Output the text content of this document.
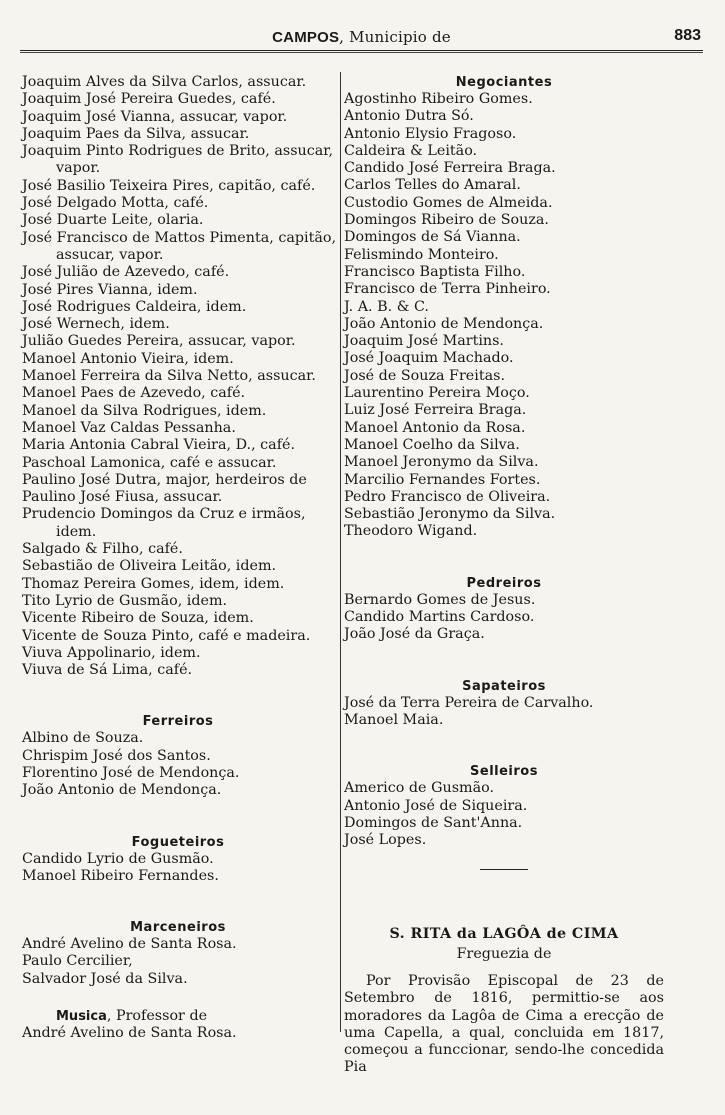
CAMPOS, Municipio de	883
Joaquim Alves da Silva Carlos, assucar.
Joaquim José Pereira Guedes, café.
Joaquim José Vianna, assucar, vapor.
Joaquim Paes da Silva, assucar.
Joaquim Pinto Rodrigues de Brito, assucar,
vapor.
José Basilio Teixeira Pires, capitão, café.
José Delgado Motta, café.
José Duarte Leite, olaria.
José Francisco de Mattos Pimenta, capitão,
assucar, vapor.
José Julião de Azevedo, café.
José Pires Vianna, idem.
José Rodrigues Caldeira, idem.
José Wernech, idem.
Julião Guedes Pereira, assucar, vapor.
Manoel Antonio Vieira, idem.
Manoel Ferreira da Silva Netto, assucar.
Manoel Paes de Azevedo, café.
Manoel da Silva Rodrigues, idem.
Manoel Vaz Caldas Pessanha.
Maria Antonia Cabral Vieira, D., café.
Paschoal Lamonica, café e assucar.
Paulino José Dutra, major, herdeiros de
Paulino José Fiusa, assucar.
Prudencio Domingos da Cruz e irmãos,
idem.
Salgado & Filho, café.
Sebastião de Oliveira Leitão, idem.
Thomaz Pereira Gomes, idem, idem.
Tito Lyrio de Gusmão, idem.
Vicente Ribeiro de Souza, idem.
Vicente de Souza Pinto, café e madeira.
Viuva Appolinario, idem.
Viuva de Sá Lima, café.
Ferreiros
Albino de Souza.
Chrispim José dos Santos.
Florentino José de Mendonça.
João Antonio de Mendonça.
Fogueteiros
Candido Lyrio de Gusmão.
Manoel Ribeiro Fernandes.
Marceneiros
André Avelino de Santa Rosa.
Paulo Cercilier,
Salvador José da Silva.
Musica, Professor de
André Avelino de Santa Rosa.
Negociantes
Agostinho Ribeiro Gomes.
Antonio Dutra Só.
Antonio Elysio Fragoso.
Caldeira & Leitão.
Candido José Ferreira Braga.
Carlos Telles do Amaral.
Custodio Gomes de Almeida.
Domingos Ribeiro de Souza.
Domingos de Sá Vianna.
Felismindo Monteiro.
Francisco Baptista Filho.
Francisco de Terra Pinheiro.
J. A. B. & C.
João Antonio de Mendonça.
Joaquim José Martins.
José Joaquim Machado.
José de Souza Freitas.
Laurentino Pereira Moço.
Luiz José Ferreira Braga.
Manoel Antonio da Rosa.
Manoel Coelho da Silva.
Manoel Jeronymo da Silva.
Marcilio Fernandes Fortes.
Pedro Francisco de Oliveira.
Sebastião Jeronymo da Silva.
Theodoro Wigand.
Pedreiros
Bernardo Gomes de Jesus.
Candido Martins Cardoso.
João José da Graça.
Sapateiros
José da Terra Pereira de Carvalho.
Manoel Maia.
Selleiros
Americo de Gusmão.
Antonio José de Siqueira.
Domingos de Sant'Anna.
José Lopes.
S. RITA da LAGÔA de CIMA
Freguezia de
Por Provisão Episcopal de 23 de Setembro de 1816, permittio-se aos moradores da Lagôa de Cima a erecção de uma Capella, a qual, concluida em 1817, começou a funccionar, sendo-lhe concedida Pia
